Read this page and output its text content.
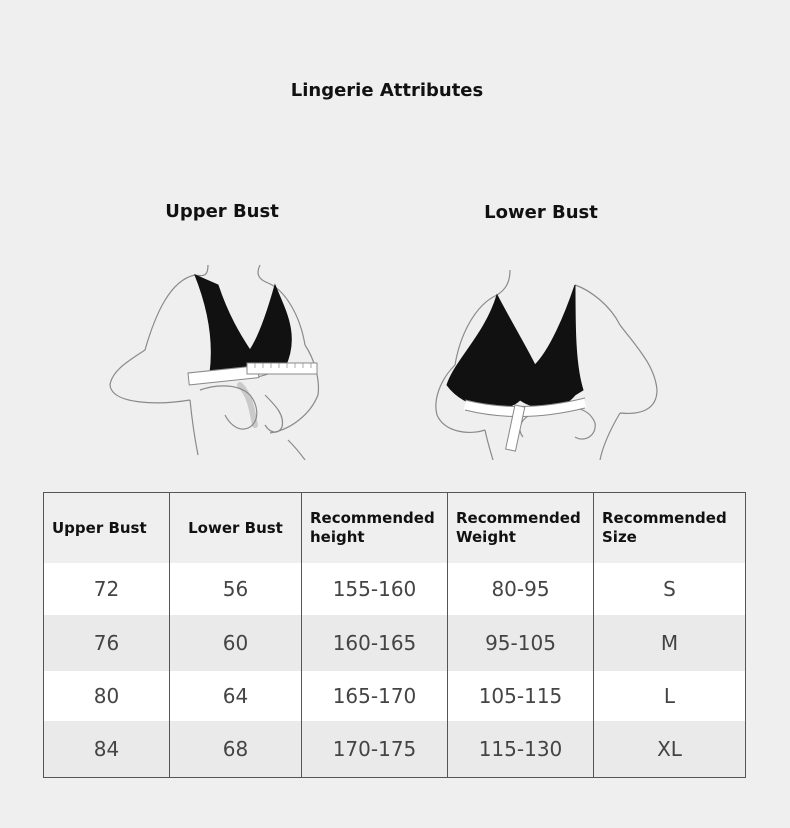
Lingerie Attributes
Upper Bust	Lower Bust
Upper Bust	Lower Bust	Recommended height	Recommended Weight	Recommended Size
72	56	155-160	80-95	S
76	60	160-165	95-105	M
80	64	165-170	105-115	L
84	68	170-175	115-130	XL
